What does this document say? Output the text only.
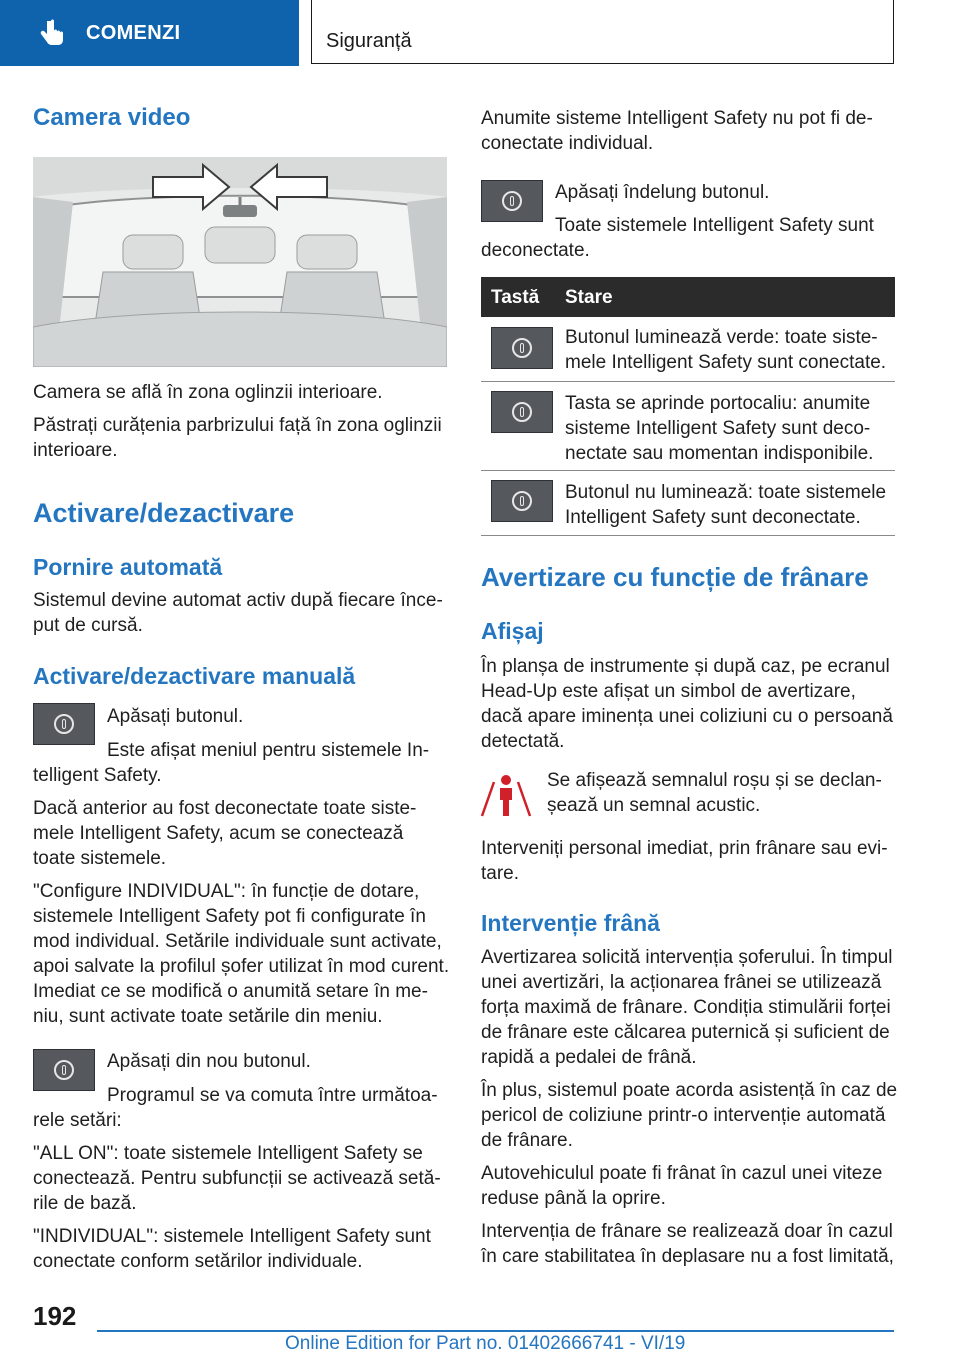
COMENZI	Siguranță
Camera video

Camera se află în zona oglinzii interioare.

Păstrați curățenia parbrizului față în zona oglinzii

interioare.

Activare/dezactivare
Pornire automată

Sistemul devine automat activ după fiecare înce-

put de cursă.

Activare/dezactivare manuală

Apăsați butonul.

Este afișat meniul pentru sistemele In-

telligent Safety.

Dacă anterior au fost deconectate toate siste-

mele Intelligent Safety, acum se conectează

toate sistemele.

"Configure INDIVIDUAL": în funcție de dotare,

sistemele Intelligent Safety pot fi configurate în

mod individual. Setările individuale sunt activate,

apoi salvate la profilul șofer utilizat în mod curent.

Imediat ce se modifică o anumită setare în me-

niu, sunt activate toate setările din meniu.

Apăsați din nou butonul.

Programul se va comuta între următoa-

rele setări:

"ALL ON": toate sistemele Intelligent Safety se

conectează. Pentru subfuncții se activează setă-

rile de bază.

"INDIVIDUAL": sistemele Intelligent Safety sunt

conectate conform setărilor individuale.

Anumite sisteme Intelligent Safety nu pot fi de-

conectate individual.

Apăsați îndelung butonul.

Toate sistemele Intelligent Safety sunt

deconectate.

Tastă Stare

Butonul luminează verde: toate siste-

mele Intelligent Safety sunt conectate.

Tasta se aprinde portocaliu: anumite

sisteme Intelligent Safety sunt deco-

nectate sau momentan indisponibile.

Butonul nu luminează: toate sistemele

Intelligent Safety sunt deconectate.

Avertizare cu funcție de frânare
Afișaj

În planșa de instrumente și după caz, pe ecranul

Head-Up este afișat un simbol de avertizare,

dacă apare iminența unei coliziuni cu o persoană

detectată.

Se afișează semnalul roșu și se declan-

șează un semnal acustic.

Interveniți personal imediat, prin frânare sau evi-

tare.

Intervenție frână

Avertizarea solicită intervenția șoferului. În timpul

unei avertizări, la acționarea frânei se utilizează

forța maximă de frânare. Condiția stimulării forței

de frânare este călcarea puternică și suficient de

rapidă a pedalei de frână.

În plus, sistemul poate acorda asistență în caz de

pericol de coliziune printr-o intervenție automată

de frânare.

Autovehiculul poate fi frânat în cazul unei viteze

reduse până la oprire.

Intervenția de frânare se realizează doar în cazul

în care stabilitatea în deplasare nu a fost limitată,

192
Online Edition for Part no. 01402666741 - VI/19
